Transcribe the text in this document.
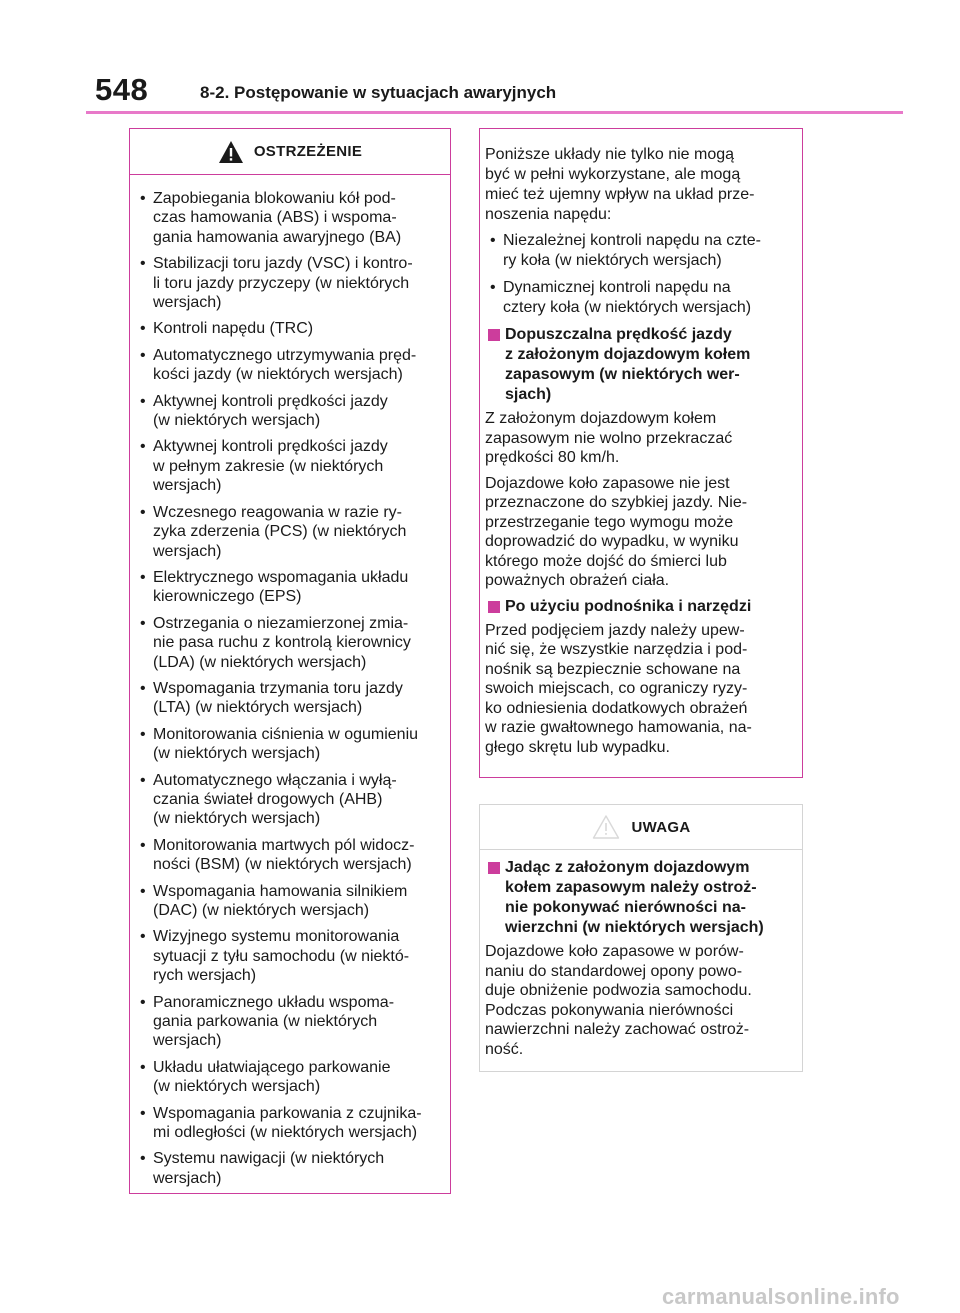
548	8-2. Postępowanie w sytuacjach awaryjnych
OSTRZEŻENIE
• Zapobiegania blokowaniu kół pod-
czas hamowania (ABS) i wspoma-
gania hamowania awaryjnego (BA)
• Stabilizacji toru jazdy (VSC) i kontro-
li toru jazdy przyczepy (w niektórych
wersjach)
• Kontroli napędu (TRC)
• Automatycznego utrzymywania pręd-
kości jazdy (w niektórych wersjach)
• Aktywnej kontroli prędkości jazdy
(w niektórych wersjach)
• Aktywnej kontroli prędkości jazdy
w pełnym zakresie (w niektórych
wersjach)
• Wczesnego reagowania w razie ry-
zyka zderzenia (PCS) (w niektórych
wersjach)
• Elektrycznego wspomagania układu
kierowniczego (EPS)
• Ostrzegania o niezamierzonej zmia-
nie pasa ruchu z kontrolą kierownicy
(LDA) (w niektórych wersjach)
• Wspomagania trzymania toru jazdy
(LTA) (w niektórych wersjach)
• Monitorowania ciśnienia w ogumieniu
(w niektórych wersjach)
• Automatycznego włączania i wyłą-
czania świateł drogowych (AHB)
(w niektórych wersjach)
• Monitorowania martwych pól widocz-
ności (BSM) (w niektórych wersjach)
• Wspomagania hamowania silnikiem
(DAC) (w niektórych wersjach)
• Wizyjnego systemu monitorowania
sytuacji z tyłu samochodu (w niektó-
rych wersjach)
• Panoramicznego układu wspoma-
gania parkowania (w niektórych
wersjach)
• Układu ułatwiającego parkowanie
(w niektórych wersjach)
• Wspomagania parkowania z czujnika-
mi odległości (w niektórych wersjach)
• Systemu nawigacji (w niektórych
wersjach)

Poniższe układy nie tylko nie mogą
być w pełni wykorzystane, ale mogą
mieć też ujemny wpływ na układ prze-
noszenia napędu:

• Niezależnej kontroli napędu na czte-
ry koła (w niektórych wersjach)
• Dynamicznej kontroli napędu na
cztery koła (w niektórych wersjach)
Dopuszczalna prędkość jazdy
z założonym dojazdowym kołem
zapasowym (w niektórych wer-
sjach)

Z założonym dojazdowym kołem
zapasowym nie wolno przekraczać
prędkości 80 km/h.

Dojazdowe koło zapasowe nie jest
przeznaczone do szybkiej jazdy. Nie-
przestrzeganie tego wymogu może
doprowadzić do wypadku, w wyniku
którego może dojść do śmierci lub
poważnych obrażeń ciała.

Po użyciu podnośnika i narzędzi

Przed podjęciem jazdy należy upew-
nić się, że wszystkie narzędzia i pod-
nośnik są bezpiecznie schowane na
swoich miejscach, co ograniczy ryzy-
ko odniesienia dodatkowych obrażeń
w razie gwałtownego hamowania, na-
głego skrętu lub wypadku.

UWAGA
Jadąc z założonym dojazdowym
kołem zapasowym należy ostroż-
nie pokonywać nierówności na-
wierzchni (w niektórych wersjach)

Dojazdowe koło zapasowe w porów-
naniu do standardowej opony powo-
duje obniżenie podwozia samochodu.
Podczas pokonywania nierówności
nawierzchni należy zachować ostroż-
ność.

carmanualsonline.info
